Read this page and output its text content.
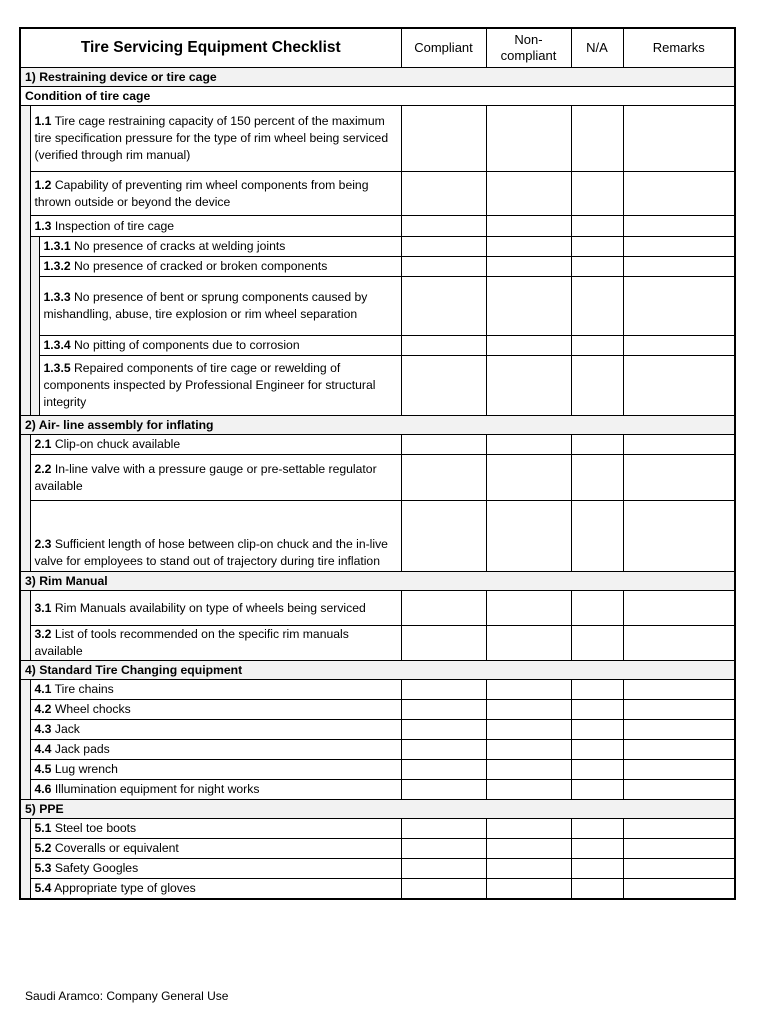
Tire Servicing Equipment Checklist			Compliant	Non-
compliant	N/A	Remarks
1) Restraining device or tire cage						
Condition of tire cage						
	1.1 Tire cage restraining capacity of 150 percent of the maximum tire specification pressure for the type of rim wheel being serviced (verified through rim manual)					
	1.2 Capability of preventing rim wheel components from being thrown outside or beyond the device					
	1.3 Inspection of tire cage					
		1.3.1 No presence of cracks at welding joints				
		1.3.2 No presence of cracked or broken components				
		1.3.3 No presence of bent or sprung components caused by mishandling, abuse, tire explosion or rim wheel separation				
		1.3.4 No pitting of components due to corrosion				
		1.3.5 Repaired components of tire cage or rewelding of components inspected by Professional Engineer for structural integrity				
2) Air- line assembly for inflating						
	2.1 Clip-on chuck available					
	2.2 In-line valve with a pressure gauge or pre-settable regulator available					
	2.3 Sufficient length of hose between clip-on chuck and the in-live valve for employees to stand out of trajectory during tire inflation					
3) Rim Manual						
	3.1 Rim Manuals availability on type of wheels being serviced					
	3.2 List of tools recommended on the specific rim manuals available					
4) Standard Tire Changing equipment						
	4.1 Tire chains					
	4.2 Wheel chocks					
	4.3 Jack					
	4.4 Jack pads					
	4.5 Lug wrench					
	4.6 Illumination equipment for night works					
5) PPE						
	5.1 Steel toe boots					
	5.2 Coveralls or equivalent					
	5.3 Safety Googles					
	5.4 Appropriate type of gloves					
Saudi Aramco: Company General Use
